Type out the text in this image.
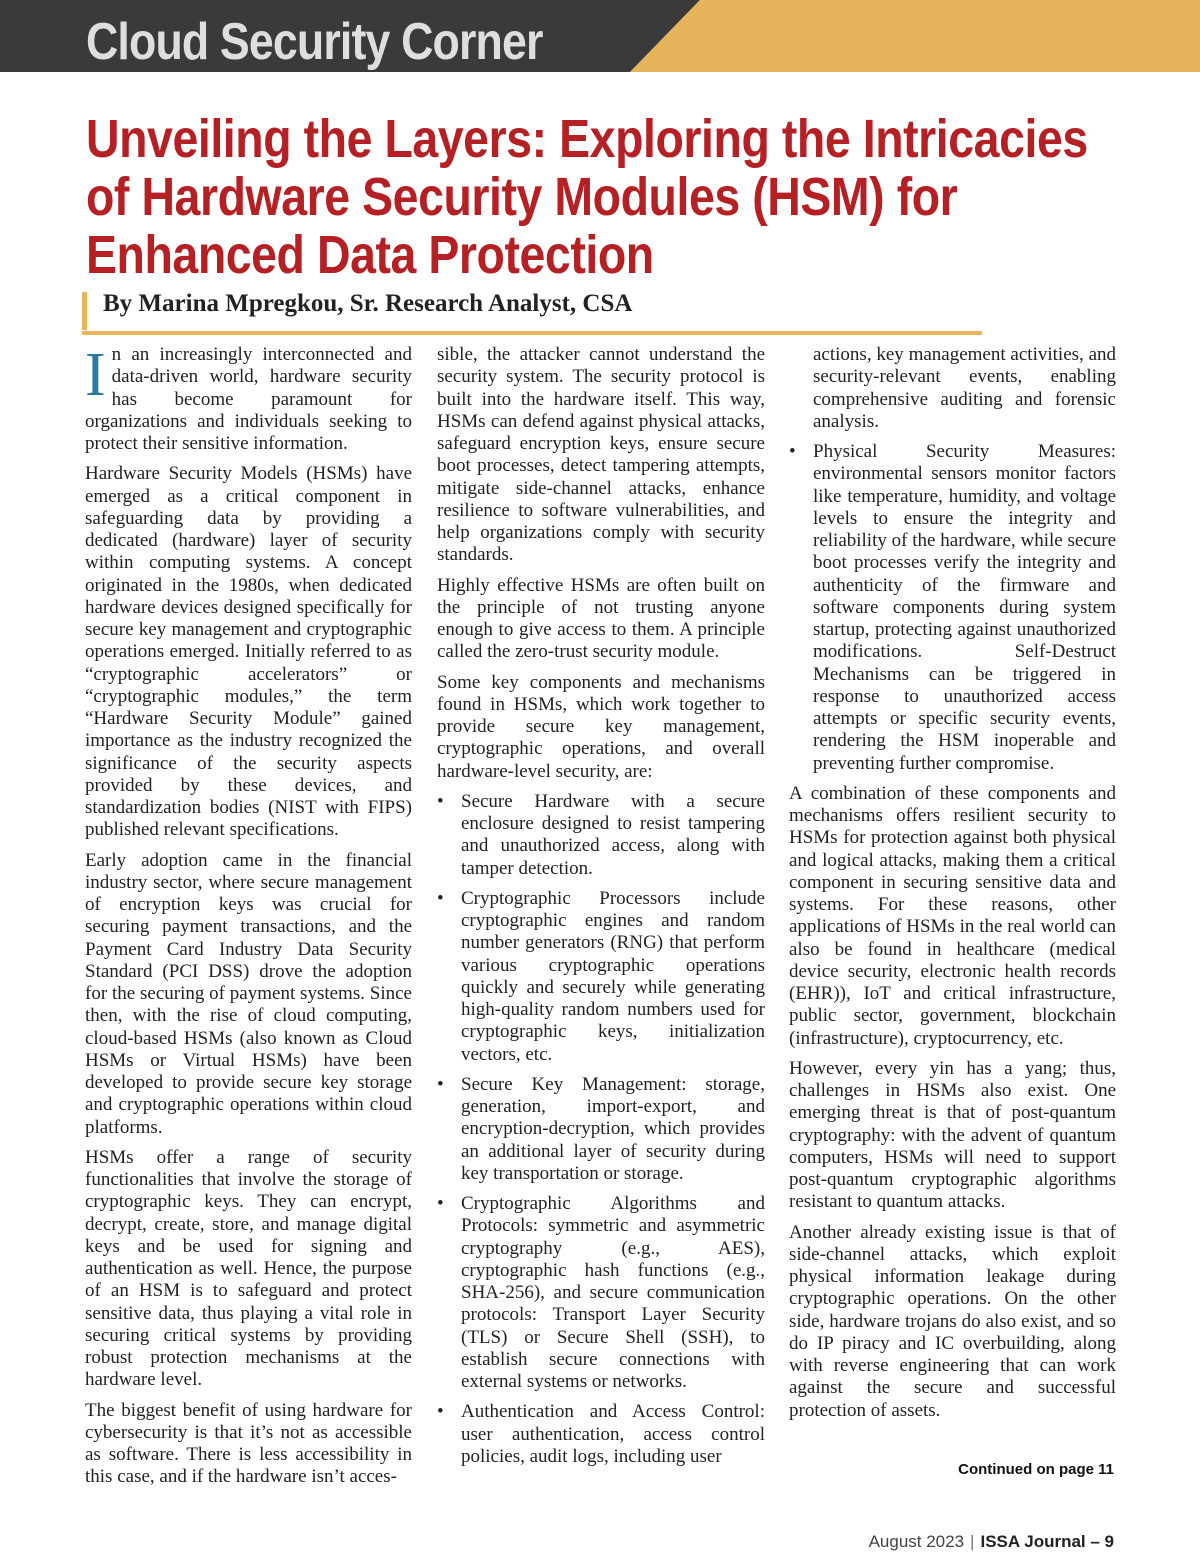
Cloud Security Corner
Unveiling the Layers: Exploring the Intricacies of Hardware Security Modules (HSM) for Enhanced Data Protection

By Marina Mpregkou, Sr. Research Analyst, CSA

In an increasingly interconnected and data-driven world, hardware security has become paramount for organizations and individuals seeking to protect their sensitive information.

Hardware Security Models (HSMs) have emerged as a critical component in safeguarding data by providing a dedicated (hardware) layer of security within computing systems. A concept originated in the 1980s, when dedicated hardware devices designed specifically for secure key management and cryptographic operations emerged. Initially referred to as “cryptographic accelerators” or “cryptographic modules,” the term “Hardware Security Module” gained importance as the industry recognized the significance of the security aspects provided by these devices, and standardization bodies (NIST with FIPS) published relevant specifications.

Early adoption came in the financial industry sector, where secure management of encryption keys was crucial for securing payment transactions, and the Payment Card Industry Data Security Standard (PCI DSS) drove the adoption for the securing of payment systems. Since then, with the rise of cloud computing, cloud-based HSMs (also known as Cloud HSMs or Virtual HSMs) have been developed to provide secure key storage and cryptographic operations within cloud platforms.

HSMs offer a range of security functionalities that involve the storage of cryptographic keys. They can encrypt, decrypt, create, store, and manage digital keys and be used for signing and authentication as well. Hence, the purpose of an HSM is to safeguard and protect sensitive data, thus playing a vital role in securing critical systems by providing robust protection mechanisms at the hardware level.

The biggest benefit of using hardware for cybersecurity is that it’s not as accessible as software. There is less accessibility in this case, and if the hardware isn’t acces-

sible, the attacker cannot understand the security system. The security protocol is built into the hardware itself. This way, HSMs can defend against physical attacks, safeguard encryption keys, ensure secure boot processes, detect tampering attempts, mitigate side-channel attacks, enhance resilience to software vulnerabilities, and help organizations comply with security standards.

Highly effective HSMs are often built on the principle of not trusting anyone enough to give access to them. A principle called the zero-trust security module.

Some key components and mechanisms found in HSMs, which work together to provide secure key management, cryptographic operations, and overall hardware-level security, are:

• Secure Hardware with a secure enclosure designed to resist tampering and unauthorized access, along with tamper detection.
• Cryptographic Processors include cryptographic engines and random number generators (RNG) that perform various cryptographic operations quickly and securely while generating high-quality random numbers used for cryptographic keys, initialization vectors, etc.
• Secure Key Management: storage, generation, import-export, and encryption-decryption, which provides an additional layer of security during key transportation or storage.
• Cryptographic Algorithms and Protocols: symmetric and asymmetric cryptography (e.g., AES), cryptographic hash functions (e.g., SHA-256), and secure communication protocols: Transport Layer Security (TLS) or Secure Shell (SSH), to establish secure connections with external systems or networks.
• Authentication and Access Control: user authentication, access control policies, audit logs, including user
actions, key management activities, and security-relevant events, enabling comprehensive auditing and forensic analysis.
• Physical Security Measures: environmental sensors monitor factors like temperature, humidity, and voltage levels to ensure the integrity and reliability of the hardware, while secure boot processes verify the integrity and authenticity of the firmware and software components during system startup, protecting against unauthorized modifications. Self-Destruct Mechanisms can be triggered in response to unauthorized access attempts or specific security events, rendering the HSM inoperable and preventing further compromise.

A combination of these components and mechanisms offers resilient security to HSMs for protection against both physical and logical attacks, making them a critical component in securing sensitive data and systems. For these reasons, other applications of HSMs in the real world can also be found in healthcare (medical device security, electronic health records (EHR)), IoT and critical infrastructure, public sector, government, blockchain (infrastructure), cryptocurrency, etc.

However, every yin has a yang; thus, challenges in HSMs also exist. One emerging threat is that of post-quantum cryptography: with the advent of quantum computers, HSMs will need to support post-quantum cryptographic algorithms resistant to quantum attacks.

Another already existing issue is that of side-channel attacks, which exploit physical information leakage during cryptographic operations. On the other side, hardware trojans do also exist, and so do IP piracy and IC overbuilding, along with reverse engineering that can work against the secure and successful protection of assets.

Continued on page 11

August 2023 | ISSA Journal – 9
